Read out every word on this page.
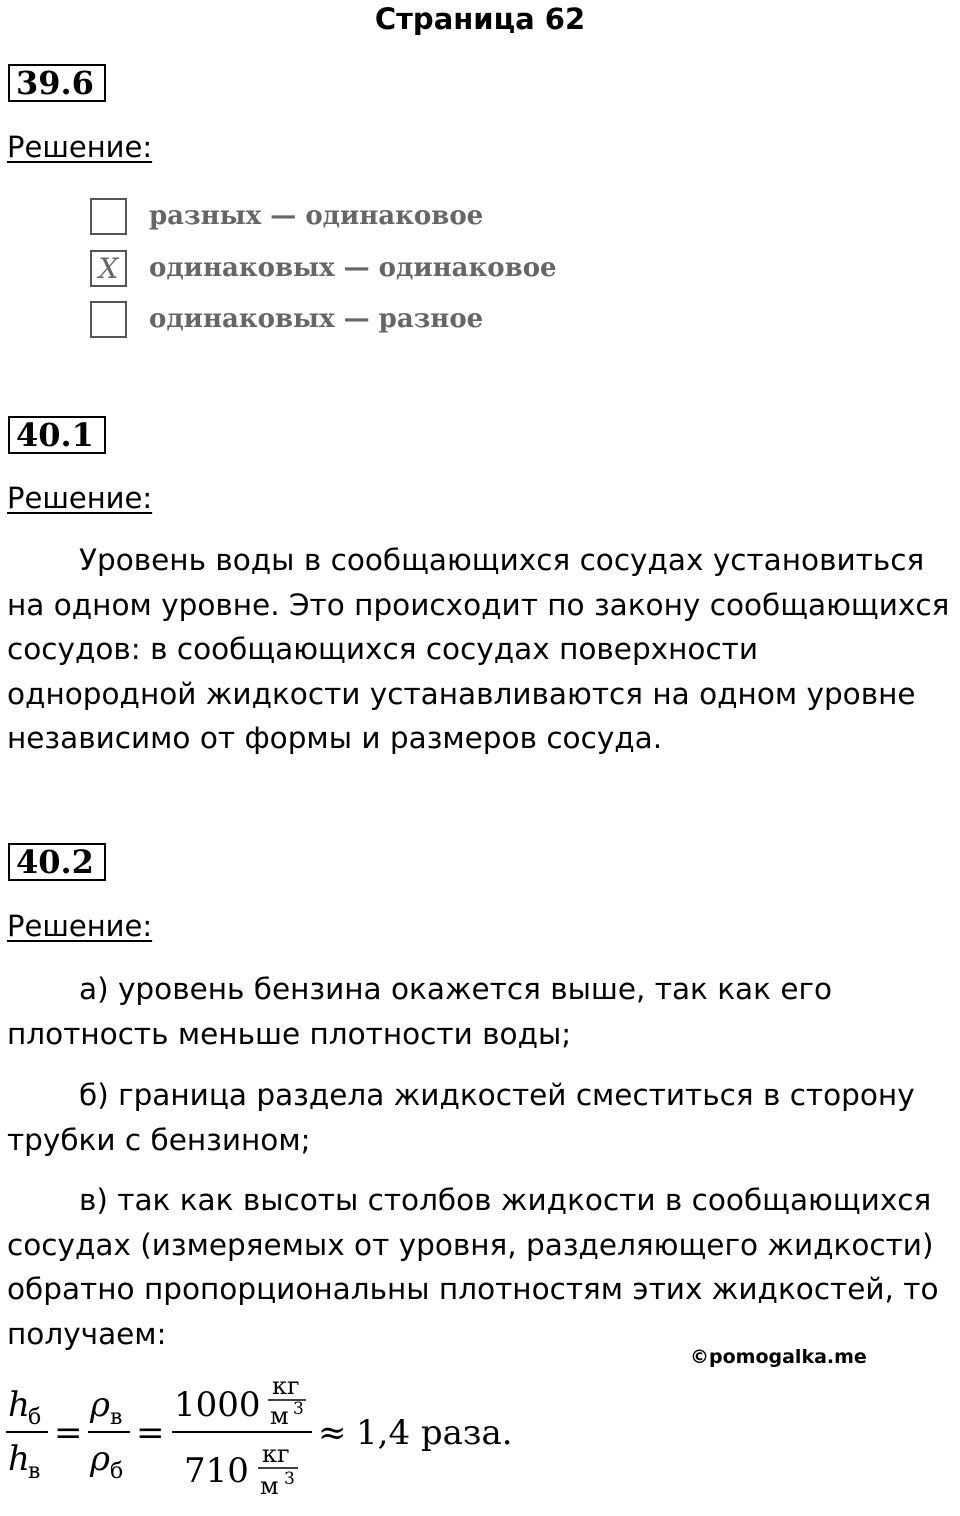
Страница 62
39.6
Решение:
разных — одинаковое
X	одинаковых — одинаковое
одинаковых — разное
40.1
Решение:
Уровень воды в сообщающихся сосудах установиться на одном уровне. Это происходит по закону сообщающихся сосудов: в сообщающихся сосудах поверхности однородной жидкости устанавливаются на одном уровне независимо от формы и размеров сосуда.
40.2
Решение:
а) уровень бензина окажется выше, так как его плотность меньше плотности воды;
б) граница раздела жидкостей сместиться в сторону трубки с бензином;
в) так как высоты столбов жидкости в сообщающихся сосудах (измеряемых от уровня, разделяющего жидкости) обратно пропорциональны плотностям этих жидкостей, то получаем:
©pomogalka.me
h
б
h
в
=
ρ в
ρ б
=
1000 кг
м 3
710 кг
м 3
≈ 1,4 раза.
